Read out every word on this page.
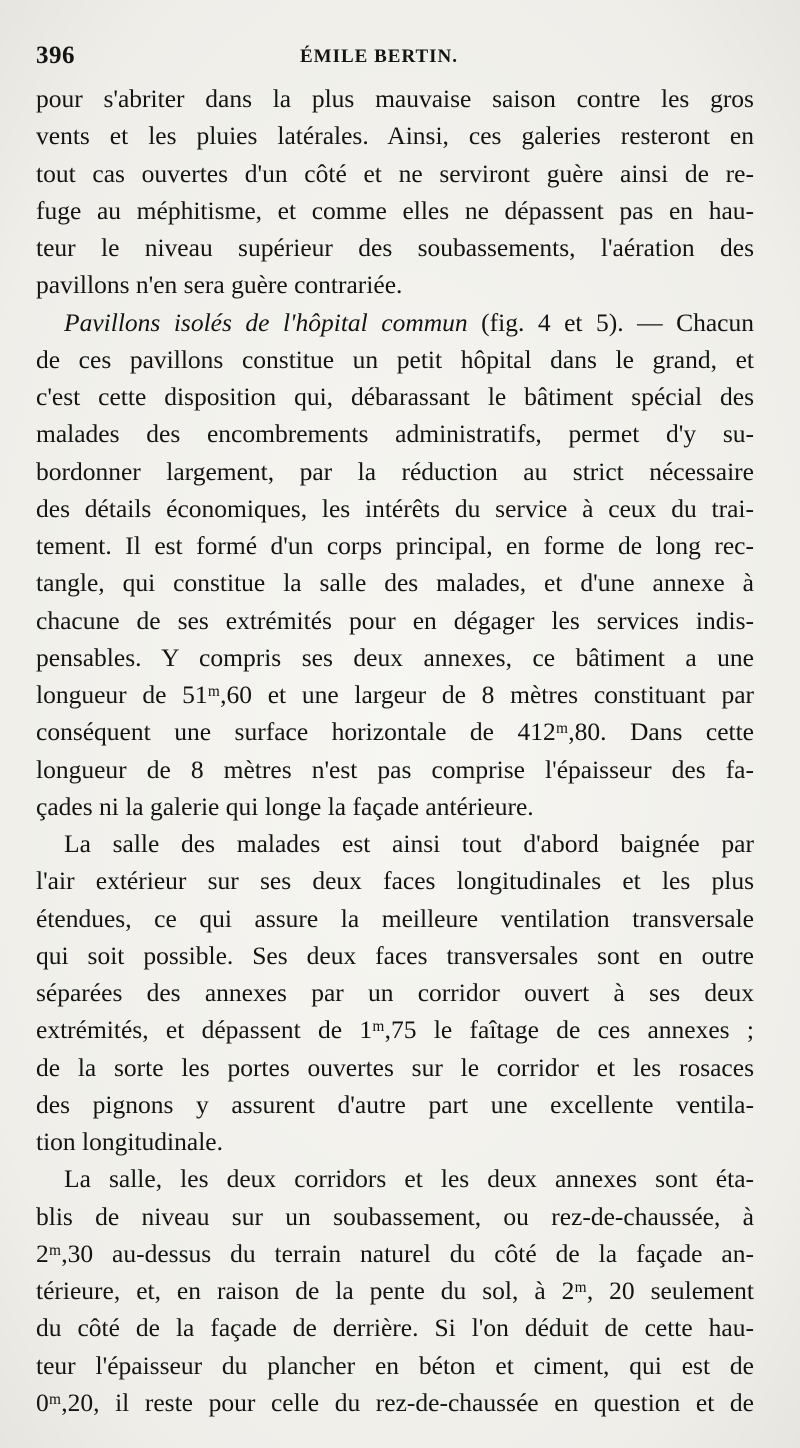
396	ÉMILE BERTIN.
pour s'abriter dans la plus mauvaise saison contre les gros
vents et les pluies latérales. Ainsi, ces galeries resteront en
tout cas ouvertes d'un côté et ne serviront guère ainsi de re-
fuge au méphitisme, et comme elles ne dépassent pas en hau-
teur le niveau supérieur des soubassements, l'aération des
pavillons n'en sera guère contrariée.
Pavillons isolés de l'hôpital commun (fig. 4 et 5). — Chacun
de ces pavillons constitue un petit hôpital dans le grand, et
c'est cette disposition qui, débarassant le bâtiment spécial des
malades des encombrements administratifs, permet d'y su-
bordonner largement, par la réduction au strict nécessaire
des détails économiques, les intérêts du service à ceux du trai-
tement. Il est formé d'un corps principal, en forme de long rec-
tangle, qui constitue la salle des malades, et d'une annexe à
chacune de ses extrémités pour en dégager les services indis-
pensables. Y compris ses deux annexes, ce bâtiment a une
longueur de 51ᵐ,60 et une largeur de 8 mètres constituant par
conséquent une surface horizontale de 412ᵐ,80. Dans cette
longueur de 8 mètres n'est pas comprise l'épaisseur des fa-
çades ni la galerie qui longe la façade antérieure.
La salle des malades est ainsi tout d'abord baignée par
l'air extérieur sur ses deux faces longitudinales et les plus
étendues, ce qui assure la meilleure ventilation transversale
qui soit possible. Ses deux faces transversales sont en outre
séparées des annexes par un corridor ouvert à ses deux
extrémités, et dépassent de 1ᵐ,75 le faîtage de ces annexes ;
de la sorte les portes ouvertes sur le corridor et les rosaces
des pignons y assurent d'autre part une excellente ventila-
tion longitudinale.
La salle, les deux corridors et les deux annexes sont éta-
blis de niveau sur un soubassement, ou rez-de-chaussée, à
2ᵐ,30 au-dessus du terrain naturel du côté de la façade an-
térieure, et, en raison de la pente du sol, à 2ᵐ, 20 seulement
du côté de la façade de derrière. Si l'on déduit de cette hau-
teur l'épaisseur du plancher en béton et ciment, qui est de
0ᵐ,20, il reste pour celle du rez-de-chaussée en question et de
